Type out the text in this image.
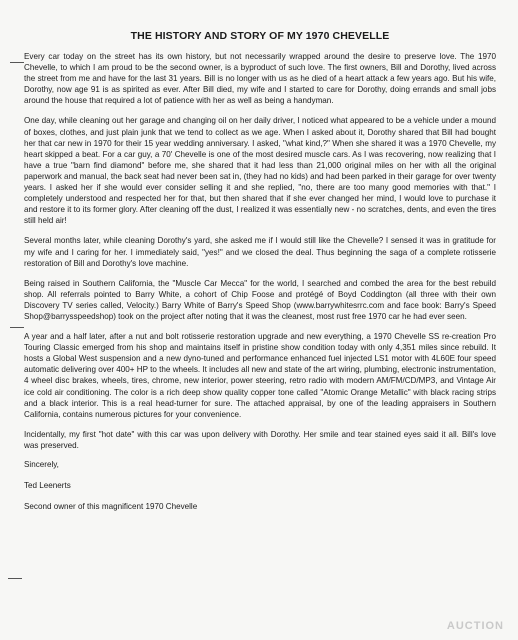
THE HISTORY AND STORY OF MY 1970 CHEVELLE

Every car today on the street has its own history, but not necessarily wrapped around the desire to preserve love. The 1970 Chevelle, to which I am proud to be the second owner, is a byproduct of such love. The first owners, Bill and Dorothy, lived across the street from me and have for the last 31 years. Bill is no longer with us as he died of a heart attack a few years ago. But his wife, Dorothy, now age 91 is as spirited as ever. After Bill died, my wife and I started to care for Dorothy, doing errands and small jobs around the house that required a lot of patience with her as well as being a handyman.

One day, while cleaning out her garage and changing oil on her daily driver, I noticed what appeared to be a vehicle under a mound of boxes, clothes, and just plain junk that we tend to collect as we age. When I asked about it, Dorothy shared that Bill had bought her that car new in 1970 for their 15 year wedding anniversary. I asked, "what kind,?" When she shared it was a 1970 Chevelle, my heart skipped a beat. For a car guy, a 70' Chevelle is one of the most desired muscle cars. As I was recovering, now realizing that I have a true "barn find diamond" before me, she shared that it had less than 21,000 original miles on her with all the original paperwork and manual, the back seat had never been sat in, (they had no kids) and had been parked in their garage for over twenty years. I asked her if she would ever consider selling it and she replied, "no, there are too many good memories with that." I completely understood and respected her for that, but then shared that if she ever changed her mind, I would love to purchase it and restore it to its former glory. After cleaning off the dust, I realized it was essentially new - no scratches, dents, and even the tires still held air!

Several months later, while cleaning Dorothy's yard, she asked me if I would still like the Chevelle? I sensed it was in gratitude for my wife and I caring for her. I immediately said, "yes!" and we closed the deal. Thus beginning the saga of a complete rotisserie restoration of Bill and Dorothy's love machine.

Being raised in Southern California, the "Muscle Car Mecca" for the world, I searched and combed the area for the best rebuild shop. All referrals pointed to Barry White, a cohort of Chip Foose and protégé of Boyd Coddington (all three with their own Discovery TV series called, Velocity.) Barry White of Barry's Speed Shop (www.barrywhitesrrc.com and face book: Barry's Speed Shop@barrysspeedshop) took on the project after noting that it was the cleanest, most rust free 1970 car he had ever seen.

A year and a half later, after a nut and bolt rotisserie restoration upgrade and new everything, a 1970 Chevelle SS re-creation Pro Touring Classic emerged from his shop and maintains itself in pristine show condition today with only 4,351 miles since rebuild. It hosts a Global West suspension and a new dyno-tuned and performance enhanced fuel injected LS1 motor with 4L60E four speed automatic delivering over 400+ HP to the wheels. It includes all new and state of the art wiring, plumbing, electronic instrumentation, 4 wheel disc brakes, wheels, tires, chrome, new interior, power steering, retro radio with modern AM/FM/CD/MP3, and Vintage Air ice cold air conditioning. The color is a rich deep show quality copper tone called "Atomic Orange Metallic" with black racing strips and a black interior. This is a real head-turner for sure. The attached appraisal, by one of the leading appraisers in Southern California, contains numerous pictures for your convenience.

Incidentally, my first "hot date" with this car was upon delivery with Dorothy. Her smile and tear stained eyes said it all. Bill's love was preserved.

Sincerely,

Ted Leenerts

Second owner of this magnificent 1970 Chevelle

AUCTION
